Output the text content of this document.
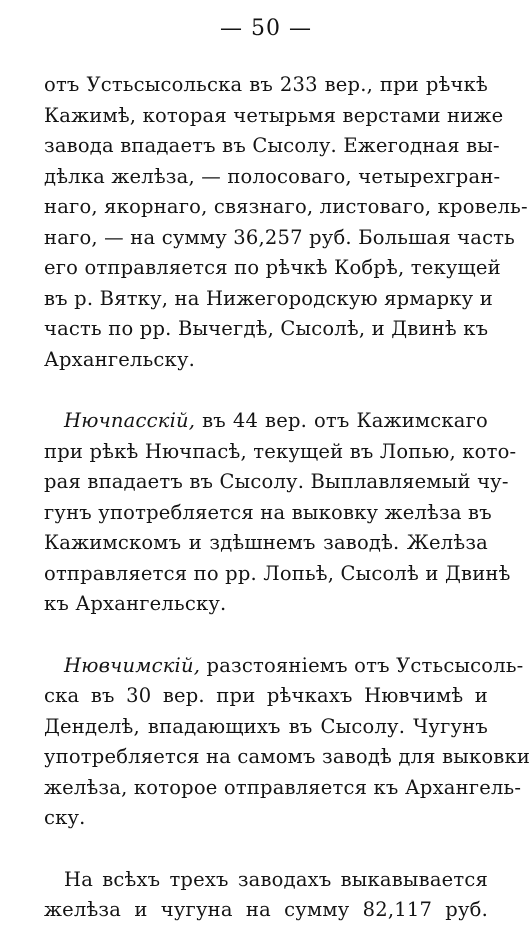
— 50 —
отъ Устьсысольска въ 233 вер., при рѣчкѣ
Кажимѣ, которая четырьмя верстами ниже
завода впадаетъ въ Сысолу. Ежегодная вы-
дѣлка желѣза, — полосоваго, четырехгран-
наго, якорнаго, связнаго, листоваго, кровель-
наго, — на сумму 36,257 руб. Большая часть
его отправляется по рѣчкѣ Кобрѣ, текущей
въ р. Вятку, на Нижегородскую ярмарку и
часть по рр. Вычегдѣ, Сысолѣ, и Двинѣ къ
Архангельску.
Нючпасскій, въ 44 вер. отъ Кажимскаго
при рѣкѣ Нючпасѣ, текущей въ Лопью, кото-
рая впадаетъ въ Сысолу. Выплавляемый чу-
гунъ употребляется на выковку желѣза въ
Кажимскомъ и здѣшнемъ заводѣ. Желѣза
отправляется по рр. Лопьѣ, Сысолѣ и Двинѣ
къ Архангельску.
Нювчимскій, разстояніемъ отъ Устьсысоль-
ска въ 30 вер. при рѣчкахъ Нювчимѣ и
Денделѣ, впадающихъ въ Сысолу. Чугунъ
употребляется на самомъ заводѣ для выковки
желѣза, которое отправляется къ Архангель-
ску.
На всѣхъ трехъ заводахъ выкавывается
желѣза и чугуна на сумму 82,117 руб.
